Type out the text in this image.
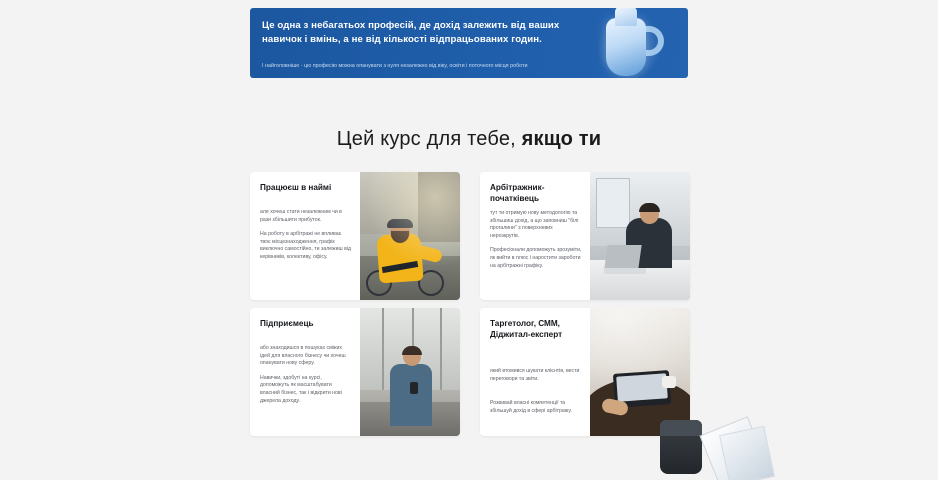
Це одна з небагатьох професій, де дохід залежить від ваших навичок і вмінь, а не від кількості відпрацьованих годин.
І найголовніше - цю професію можна опанувати з нуля незалежно від віку, освіти і поточного місця роботи
Цей курс для тебе, якщо ти
Працюєш в наймі

але хочеш стати незалежним чи в рази збільшити прибуток.

На роботу в арбітражі не впливає твоє місцезнаходження, графік виключно самостійно, ти залежиш від керівників, колективу, офісу.

Арбітражник-початківець

тут ти отримую нову методологію та збільшиш дохід, а що заповниш "білі прогалини" з поверхневих нерозкрутів.

Професіонали допоможуть зрозуміти, як вийти в плюс і наростити зароботи на арбітражні графіку.

Підприємець

або знаходишся в пошуках свіжих ідей для власного бізнесу чи хочеш опанувати нову сферу.

Навички, здобуті на курсі, допоможуть як масштабувати власний бізнес, так і відкрити нові джерела доходу.

Таргетолог, СММ, Діджитал-експерт

який втомився шукати клієнтів, вести переговори та звіти.

Розвивай власні компетенції та збільшуй дохід в сфері арбітражу.
